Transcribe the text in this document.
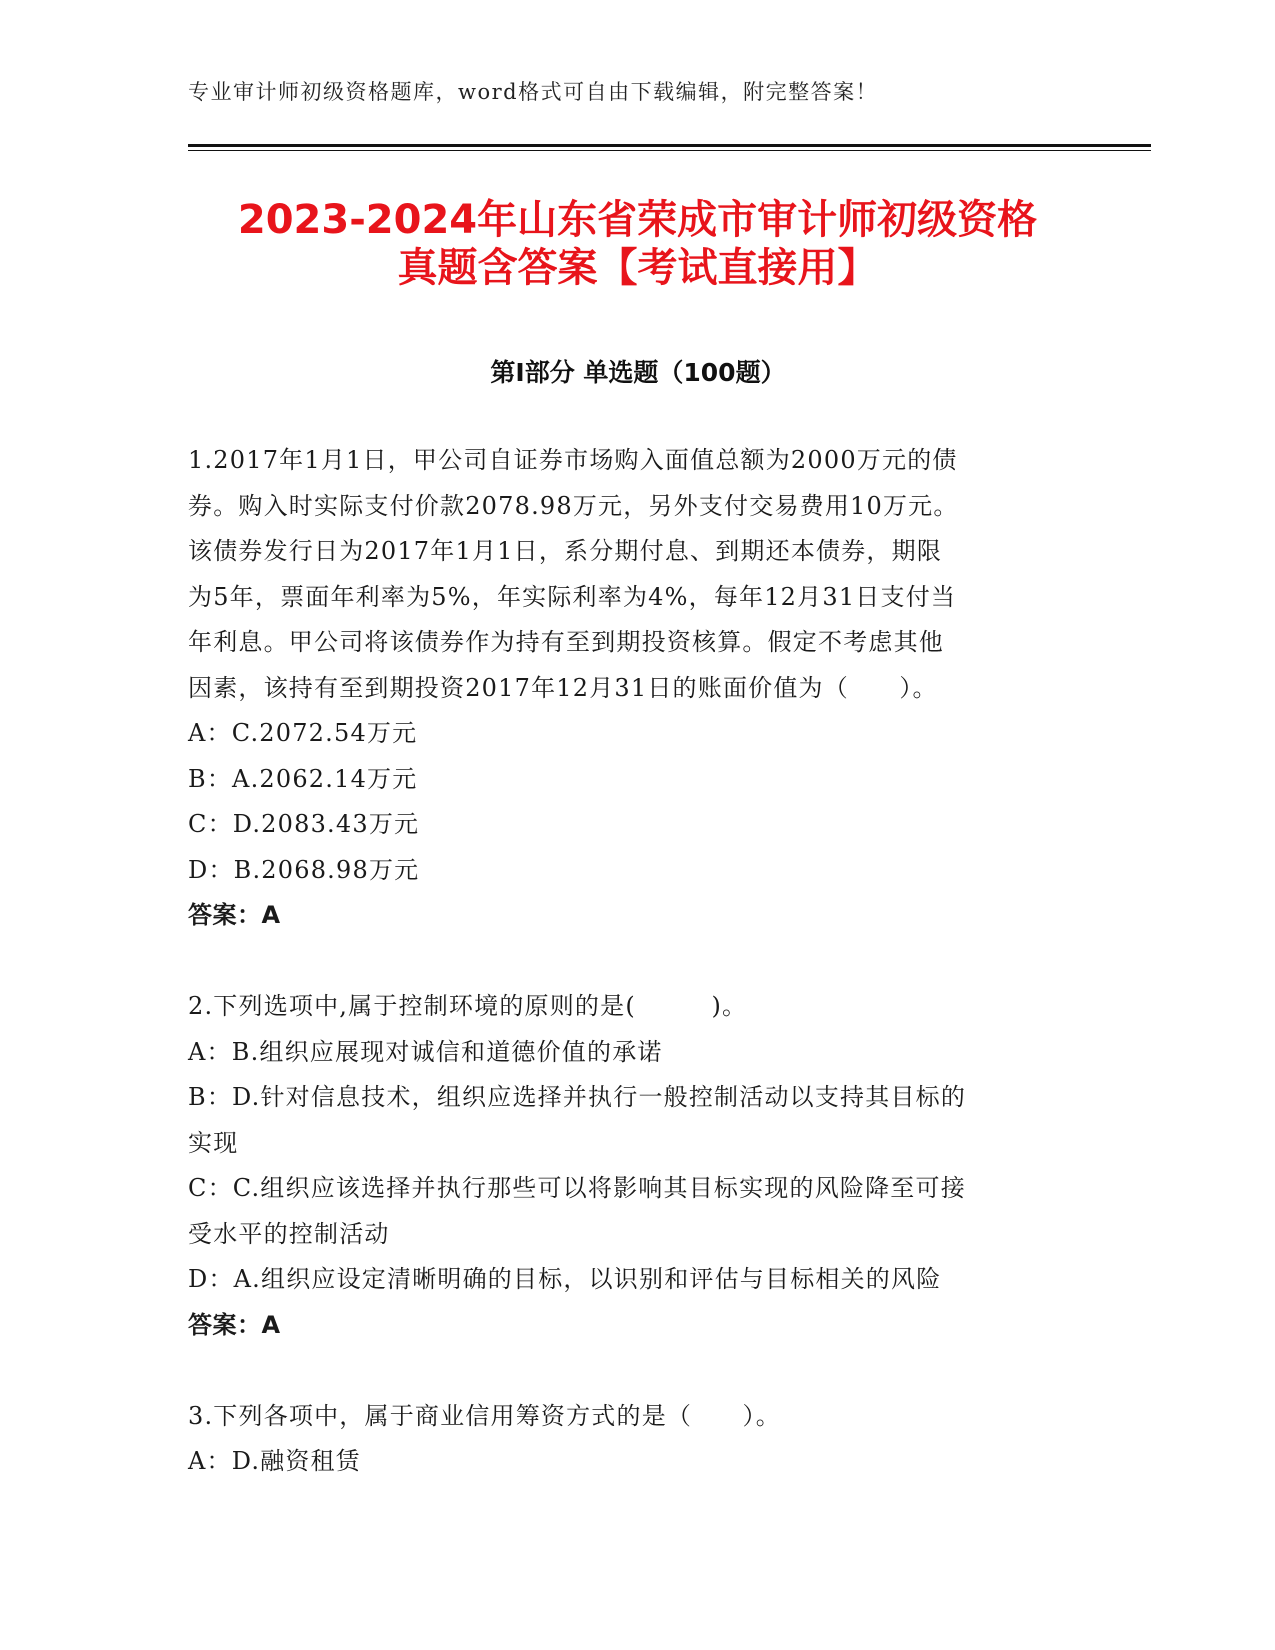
专业审计师初级资格题库，word格式可自由下载编辑，附完整答案！
2023-2024年山东省荣成市审计师初级资格
真题含答案【考试直接用】
第Ⅰ部分 单选题（100题）
1.2017年1月1日，甲公司自证券市场购入面值总额为2000万元的债
券。购入时实际支付价款2078.98万元，另外支付交易费用10万元。
该债券发行日为2017年1月1日，系分期付息、到期还本债券，期限
为5年，票面年利率为5%，年实际利率为4%，每年12月31日支付当
年利息。甲公司将该债券作为持有至到期投资核算。假定不考虑其他
因素，该持有至到期投资2017年12月31日的账面价值为（　　）。
A：C.2072.54万元
B：A.2062.14万元
C：D.2083.43万元
D：B.2068.98万元
答案：A
2.下列选项中,属于控制环境的原则的是(　　　)。
A：B.组织应展现对诚信和道德价值的承诺
B：D.针对信息技术，组织应选择并执行一般控制活动以支持其目标的
实现
C：C.组织应该选择并执行那些可以将影响其目标实现的风险降至可接
受水平的控制活动
D：A.组织应设定清晰明确的目标，以识别和评估与目标相关的风险
答案：A
3.下列各项中，属于商业信用筹资方式的是（　　）。
A：D.融资租赁
